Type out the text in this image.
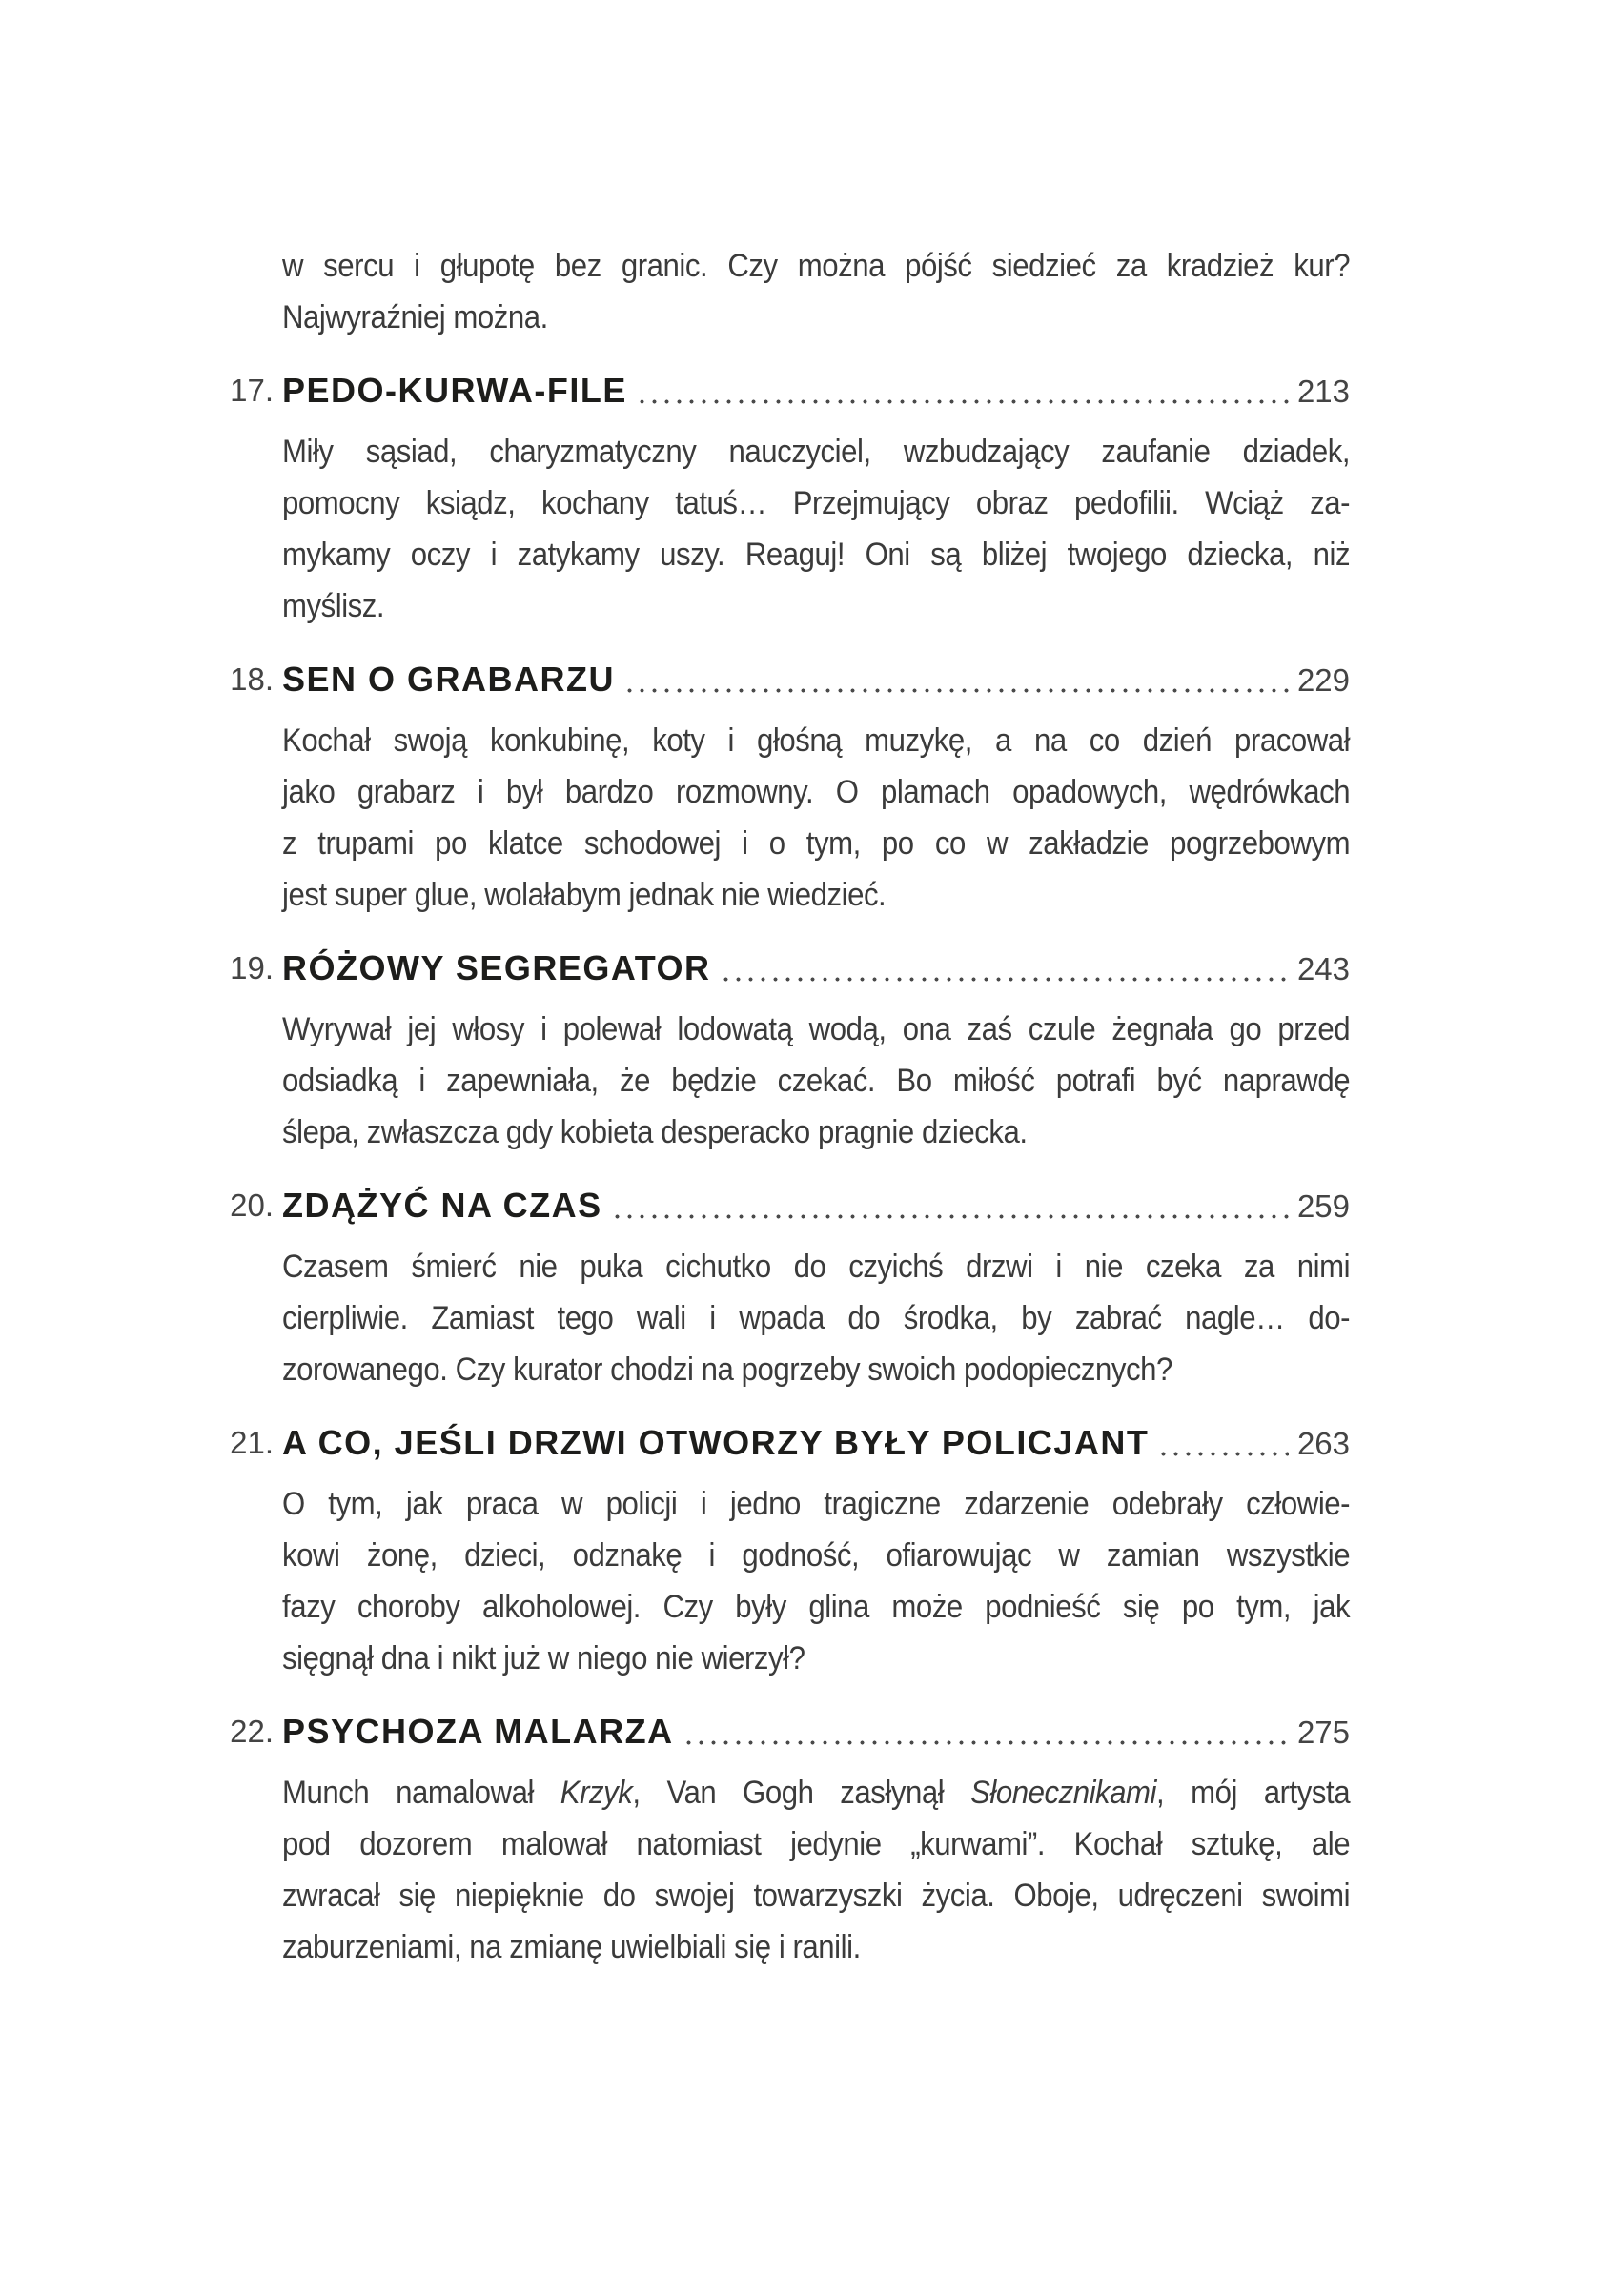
w sercu i głupotę bez granic. Czy można pójść siedzieć za kradzież kur?
Najwyraźniej można.
17. PEDO-KURWA-FILE	213
Miły sąsiad, charyzmatyczny nauczyciel, wzbudzający zaufanie dziadek,
pomocny ksiądz, kochany tatuś… Przejmujący obraz pedofilii. Wciąż za-
mykamy oczy i zatykamy uszy. Reaguj! Oni są bliżej twojego dziecka, niż
myślisz.
18. SEN O GRABARZU	229
Kochał swoją konkubinę, koty i głośną muzykę, a na co dzień pracował
jako grabarz i był bardzo rozmowny. O plamach opadowych, wędrówkach
z trupami po klatce schodowej i o tym, po co w zakładzie pogrzebowym
jest super glue, wolałabym jednak nie wiedzieć.
19. RÓŻOWY SEGREGATOR	243
Wyrywał jej włosy i polewał lodowatą wodą, ona zaś czule żegnała go przed
odsiadką i zapewniała, że będzie czekać. Bo miłość potrafi być naprawdę
ślepa, zwłaszcza gdy kobieta desperacko pragnie dziecka.
20. ZDĄŻYĆ NA CZAS	259
Czasem śmierć nie puka cichutko do czyichś drzwi i nie czeka za nimi
cierpliwie. Zamiast tego wali i wpada do środka, by zabrać nagle… do-
zorowanego. Czy kurator chodzi na pogrzeby swoich podopiecznych?
21. A CO, JEŚLI DRZWI OTWORZY BYŁY POLICJANT	263
O tym, jak praca w policji i jedno tragiczne zdarzenie odebrały człowie-
kowi żonę, dzieci, odznakę i godność, ofiarowując w zamian wszystkie
fazy choroby alkoholowej. Czy były glina może podnieść się po tym, jak
sięgnął dna i nikt już w niego nie wierzył?
22. PSYCHOZA MALARZA	275
Munch namalował Krzyk, Van Gogh zasłynął Słonecznikami, mój artysta
pod dozorem malował natomiast jedynie „kurwami”. Kochał sztukę, ale
zwracał się niepięknie do swojej towarzyszki życia. Oboje, udręczeni swoimi
zaburzeniami, na zmianę uwielbiali się i ranili.
